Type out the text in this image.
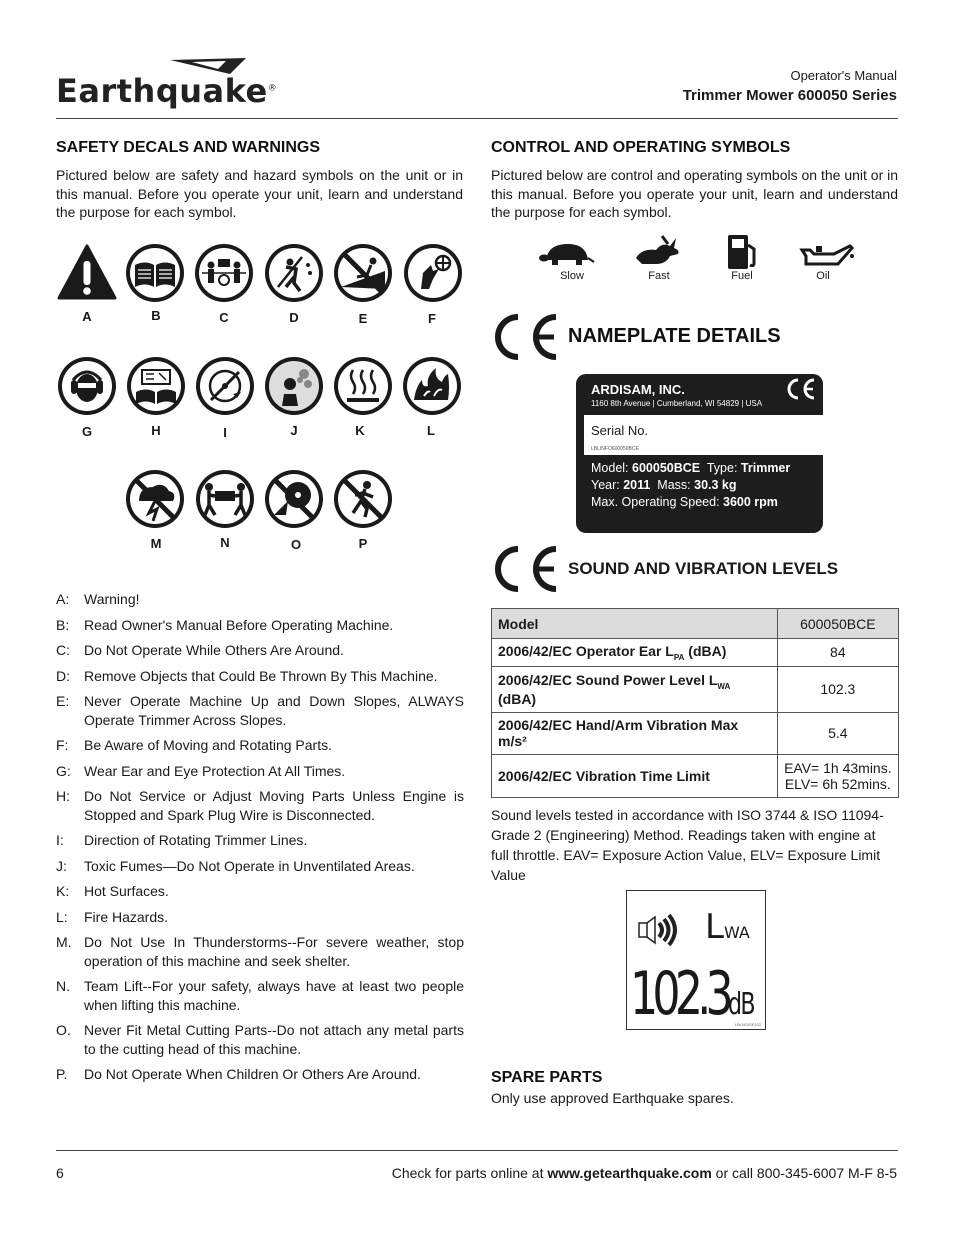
Earthquake®
Operator's Manual
Trimmer Mower 600050 Series
SAFETY DECALS AND WARNINGS
Pictured below are safety and hazard symbols on the unit or in this manual. Before you operate your unit, learn and understand the purpose for each symbol.
A	B	C	D	E	F
G	H	I	J	K	L
M	N	O	P
A:	Warning!
B:	Read Owner's Manual Before Operating Machine.
C:	Do Not Operate While Others Are Around.
D:	Remove Objects that Could Be Thrown By This Machine.
E:	Never Operate Machine Up and Down Slopes, ALWAYS Operate Trimmer Across Slopes.
F:	Be Aware of Moving and Rotating Parts.
G: Wear Ear and Eye Protection At All Times.
H:	Do Not Service or Adjust Moving Parts Unless Engine is Stopped and Spark Plug Wire is Disconnected.
I:	Direction of Rotating Trimmer Lines.
J:	Toxic Fumes—Do Not Operate in Unventilated Areas.
K:	Hot Surfaces.
L:	Fire Hazards.
M. Do Not Use In Thunderstorms--For severe weather, stop operation of this machine and seek shelter.
N.	Team Lift--For your safety, always have at least two people when lifting this machine.
O. Never Fit Metal Cutting Parts--Do not attach any metal parts to the cutting head of this machine.
P.	Do Not Operate When Children Or Others Are Around.
CONTROL AND OPERATING SYMBOLS
Pictured below are control and operating symbols on the unit or in this manual. Before you operate your unit, learn and understand the purpose for each symbol.
Slow	Fast	Fuel	Oil
NAMEPLATE DETAILS
ARDISAM, INC.
1160 8th Avenue | Cumberland, WI 54829 | USA
Serial No.
LBLINFO600050BCE
Model: 600050BCE Type: Trimmer
Year: 2011 Mass: 30.3 kg
Max. Operating Speed: 3600 rpm
SOUND AND VIBRATION LEVELS
Model	600050BCE
2006/42/EC Operator Ear $L_{PA}$ (dBA)	84
2006/42/EC Sound Power Level $L_{WA}$ (dBA)	102.3
2006/42/EC Hand/Arm Vibration Max m/s²	5.4
2006/42/EC Vibration Time Limit	EAV= 1h 43mins.
ELV= 6h 52mins.
Sound levels tested in accordance with ISO 3744 & ISO 11094-Grade 2 (Engineering) Method. Readings taken with engine at full throttle. EAV= Exposure Action Value, ELV= Exposure Limit Value
LWA
102.3dB
LBLNOISE102
SPARE PARTS
Only use approved Earthquake spares.
6	Check for parts online at www.getearthquake.com or call 800-345-6007 M-F 8-5
